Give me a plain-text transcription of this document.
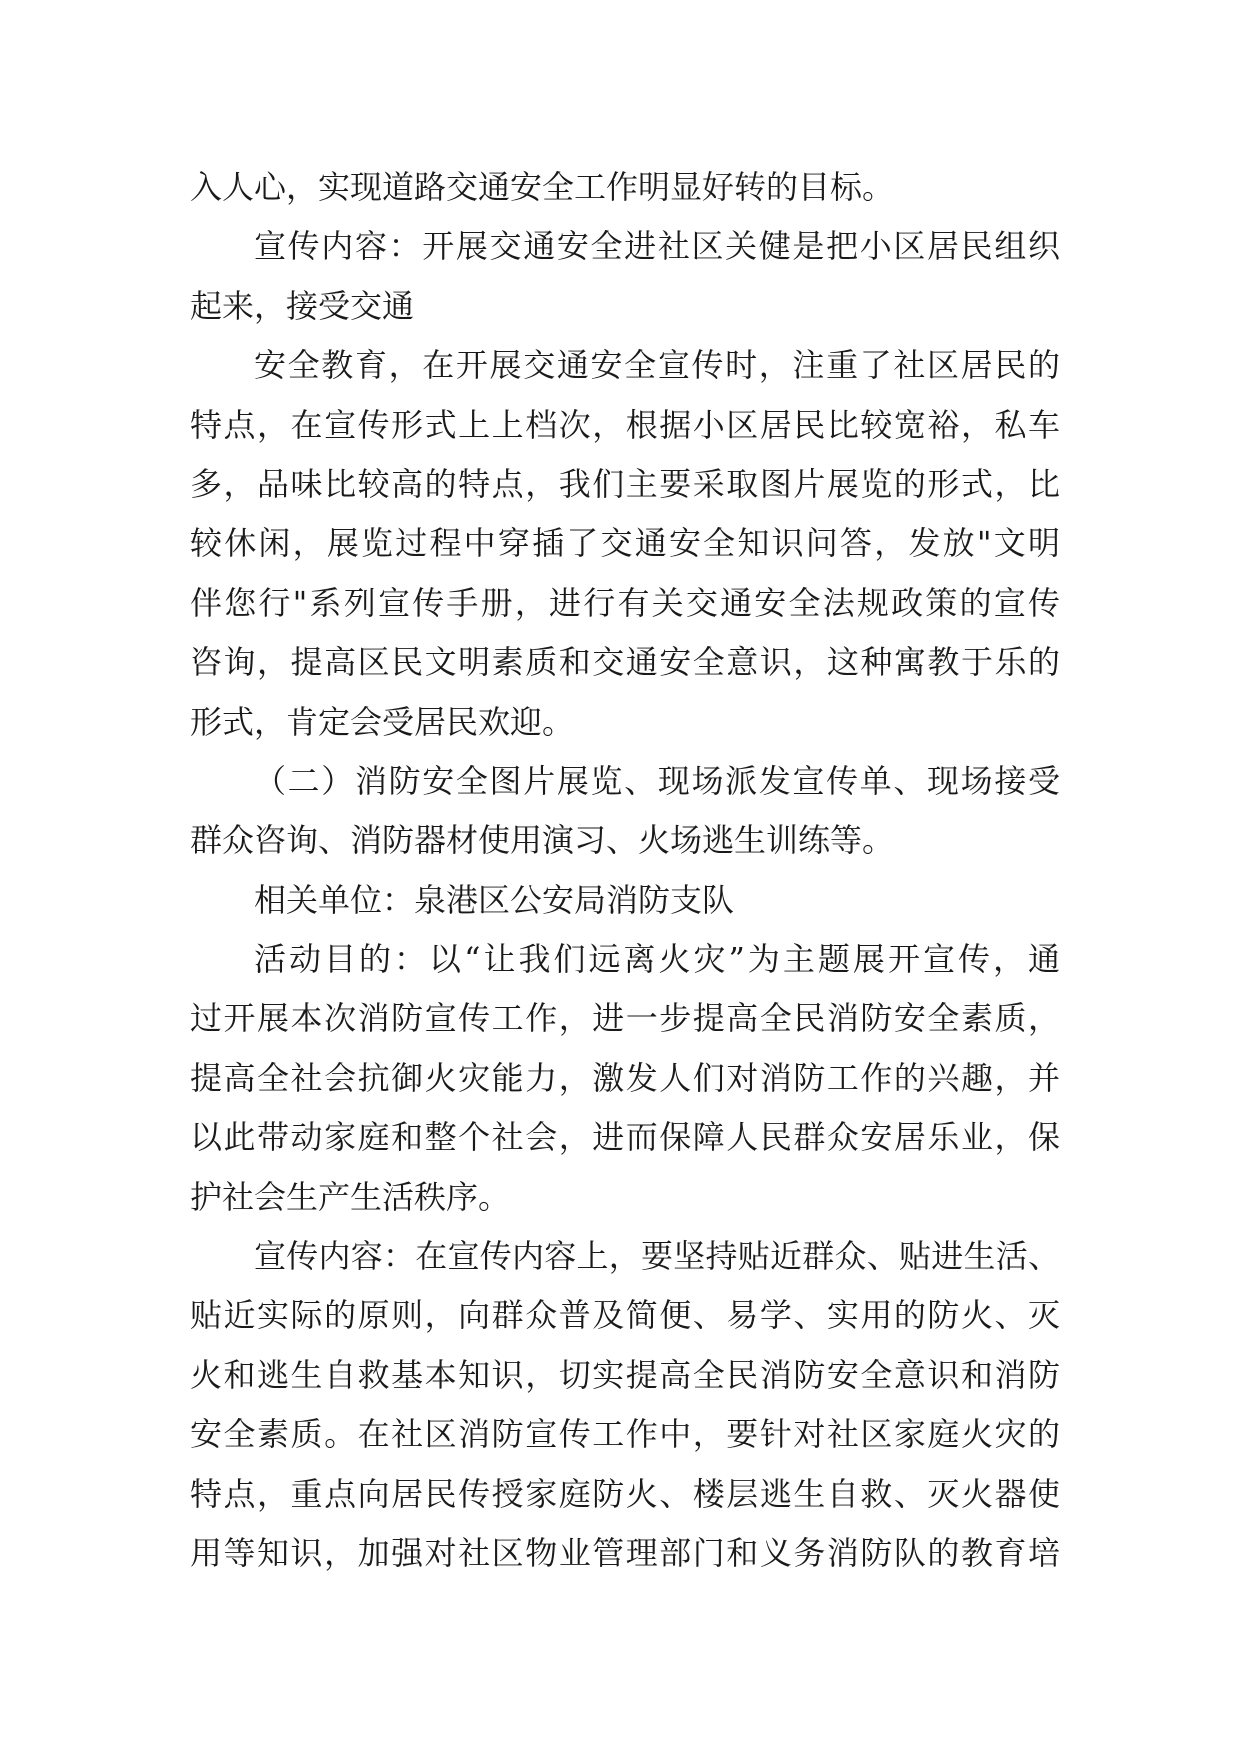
入人心，实现道路交通安全工作明显好转的目标。
宣传内容：开展交通安全进社区关健是把小区居民组织
起来，接受交通
安全教育，在开展交通安全宣传时，注重了社区居民的
特点，在宣传形式上上档次，根据小区居民比较宽裕，私车
多，品味比较高的特点，我们主要采取图片展览的形式，比
较休闲，展览过程中穿插了交通安全知识问答，发放"文明
伴您行"系列宣传手册，进行有关交通安全法规政策的宣传
咨询，提高区民文明素质和交通安全意识，这种寓教于乐的
形式，肯定会受居民欢迎。
（二）消防安全图片展览、现场派发宣传单、现场接受
群众咨询、消防器材使用演习、火场逃生训练等。
相关单位：泉港区公安局消防支队
活动目的：以“让我们远离火灾”为主题展开宣传，通
过开展本次消防宣传工作，进一步提高全民消防安全素质，
提高全社会抗御火灾能力，激发人们对消防工作的兴趣，并
以此带动家庭和整个社会，进而保障人民群众安居乐业，保
护社会生产生活秩序。
宣传内容：在宣传内容上，要坚持贴近群众、贴进生活、
贴近实际的原则，向群众普及简便、易学、实用的防火、灭
火和逃生自救基本知识，切实提高全民消防安全意识和消防
安全素质。在社区消防宣传工作中，要针对社区家庭火灾的
特点，重点向居民传授家庭防火、楼层逃生自救、灭火器使
用等知识，加强对社区物业管理部门和义务消防队的教育培
